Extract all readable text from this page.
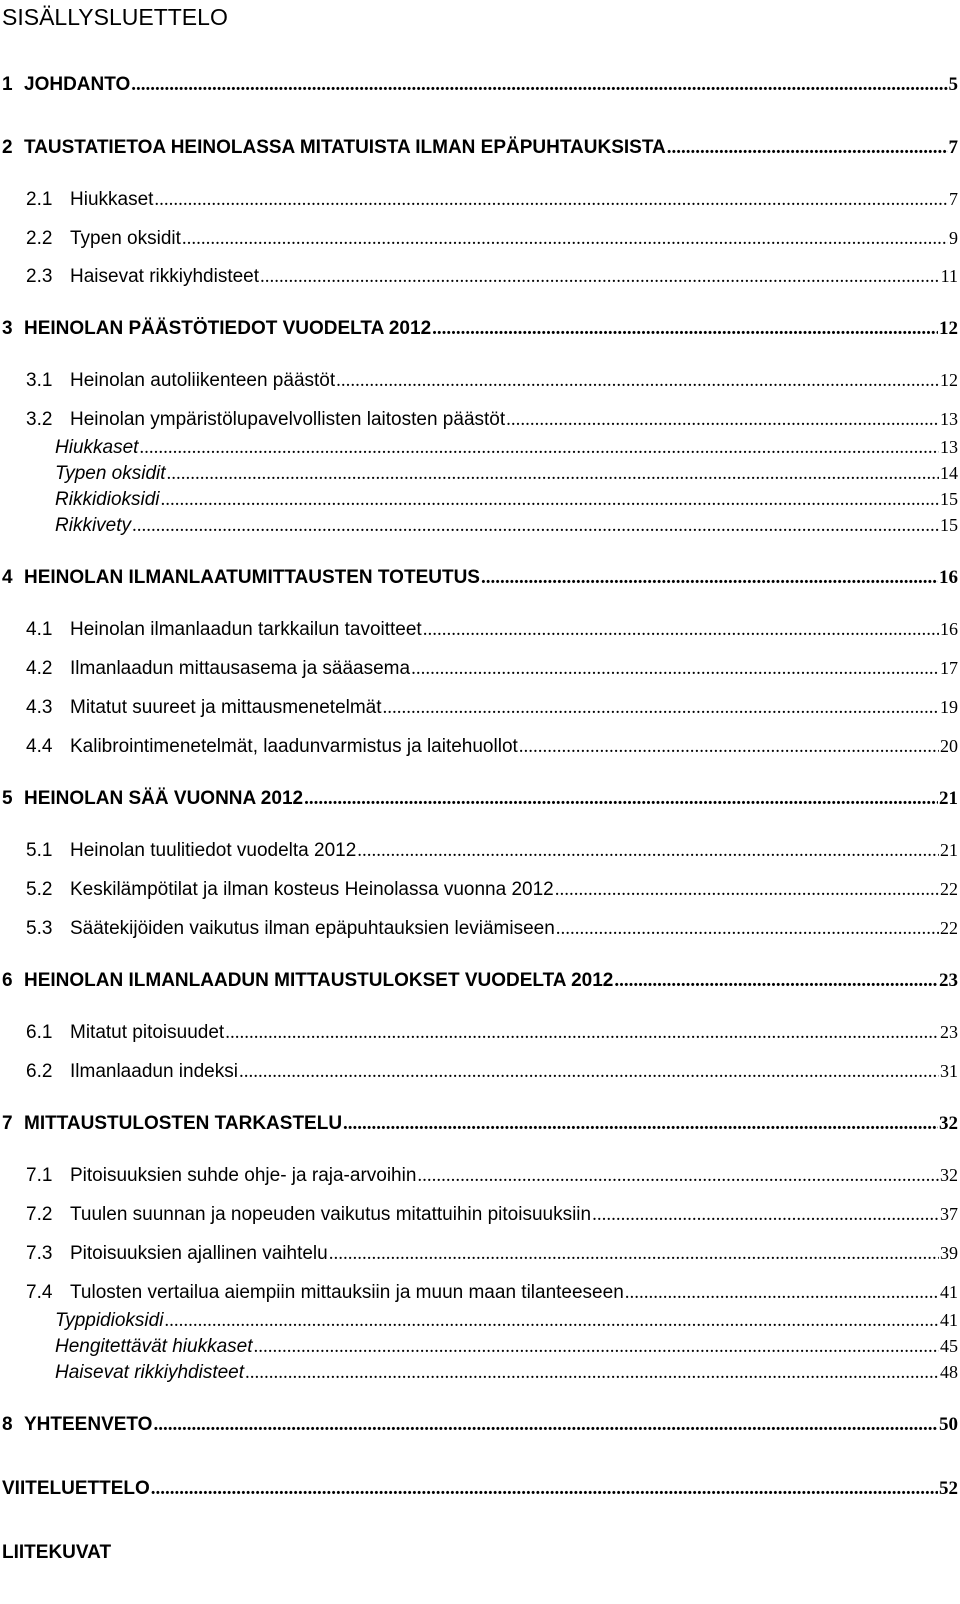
SISÄLLYSLUETTELO
1 JOHDANTO .....	5
2 TAUSTATIETOA HEINOLASSA MITATUISTA ILMAN EPÄPUHTAUKSISTA .....	7
2.1 Hiukkaset .....	7
2.2 Typen oksidit .....	9
2.3 Haisevat rikkiyhdisteet .....	11
3 HEINOLAN PÄÄSTÖTIEDOT VUODELTA 2012 .....	12
3.1 Heinolan autoliikenteen päästöt .....	12
3.2 Heinolan ympäristölupavelvollisten laitosten päästöt .....	13
Hiukkaset .....	13
Typen oksidit .....	14
Rikkidioksidi .....	15
Rikkivety .....	15
4 HEINOLAN ILMANLAATUMITTAUSTEN TOTEUTUS .....	16
4.1 Heinolan ilmanlaadun tarkkailun tavoitteet .....	16
4.2 Ilmanlaadun mittausasema ja sääasema .....	17
4.3 Mitatut suureet ja mittausmenetelmät .....	19
4.4 Kalibrointimenetelmät, laadunvarmistus ja laitehuollot .....	20
5 HEINOLAN SÄÄ VUONNA 2012 .....	21
5.1 Heinolan tuulitiedot vuodelta 2012 .....	21
5.2 Keskilämpötilat ja ilman kosteus Heinolassa vuonna 2012 .....	22
5.3 Säätekijöiden vaikutus ilman epäpuhtauksien leviämiseen .....	22
6 HEINOLAN ILMANLAADUN MITTAUSTULOKSET VUODELTA 2012 .....	23
6.1 Mitatut pitoisuudet .....	23
6.2 Ilmanlaadun indeksi .....	31
7 MITTAUSTULOSTEN TARKASTELU .....	32
7.1 Pitoisuuksien suhde ohje- ja raja-arvoihin .....	32
7.2 Tuulen suunnan ja nopeuden vaikutus mitattuihin pitoisuuksiin .....	37
7.3 Pitoisuuksien ajallinen vaihtelu .....	39
7.4 Tulosten vertailua aiempiin mittauksiin ja muun maan tilanteeseen .....	41
Typpidioksidi .....	41
Hengitettävät hiukkaset .....	45
Haisevat rikkiyhdisteet .....	48
8 YHTEENVETO .....	50
VIITELUETTELO .....	52
LIITEKUVAT
